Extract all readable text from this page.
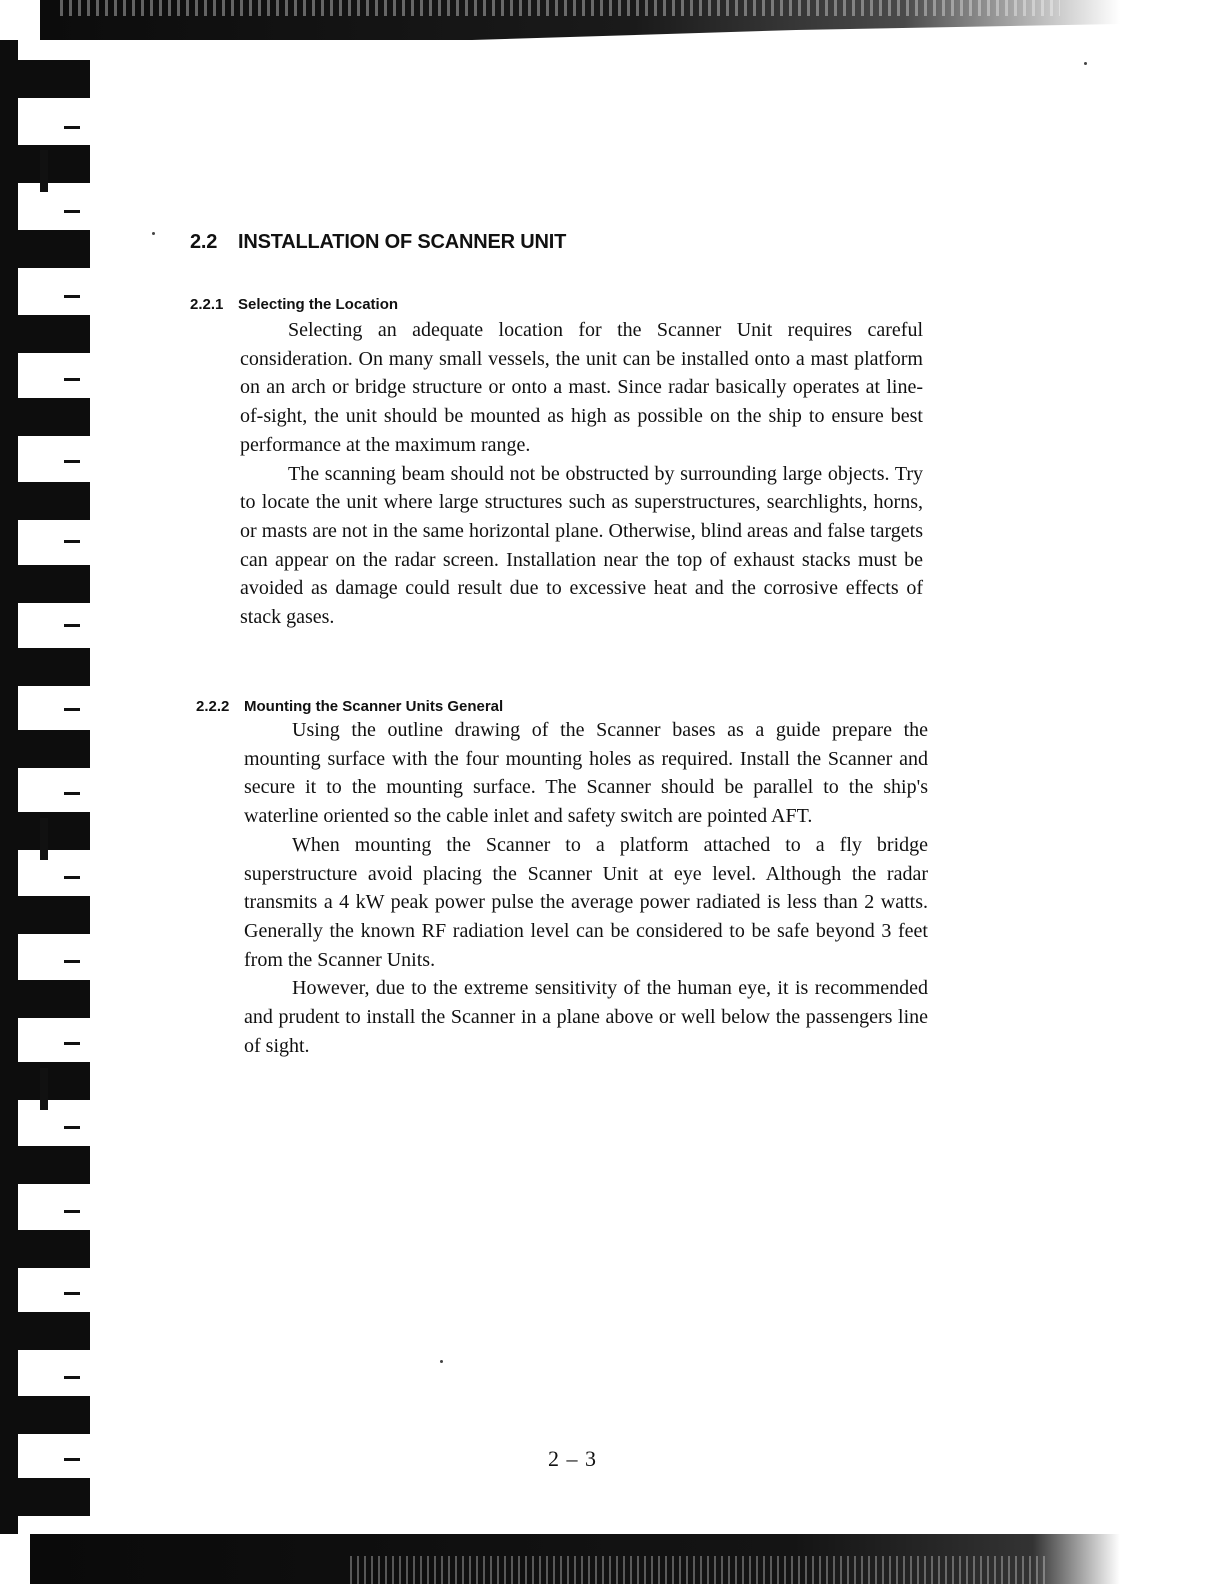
2.2 INSTALLATION OF SCANNER UNIT
2.2.1 Selecting the Location

Selecting an adequate location for the Scanner Unit requires careful consideration. On many small vessels, the unit can be installed onto a mast platform on an arch or bridge structure or onto a mast. Since radar basically operates at line-of-sight, the unit should be mounted as high as possible on the ship to ensure best performance at the maximum range.

The scanning beam should not be obstructed by surrounding large objects. Try to locate the unit where large structures such as superstructures, searchlights, horns, or masts are not in the same horizontal plane. Otherwise, blind areas and false targets can appear on the radar screen. Installation near the top of exhaust stacks must be avoided as damage could result due to excessive heat and the corrosive effects of stack gases.

2.2.2 Mounting the Scanner Units General

Using the outline drawing of the Scanner bases as a guide prepare the mounting surface with the four mounting holes as required. Install the Scanner and secure it to the mounting surface. The Scanner should be parallel to the ship's waterline oriented so the cable inlet and safety switch are pointed AFT.

When mounting the Scanner to a platform attached to a fly bridge superstructure avoid placing the Scanner Unit at eye level. Although the radar transmits a 4 kW peak power pulse the average power radiated is less than 2 watts. Generally the known RF radiation level can be considered to be safe beyond 3 feet from the Scanner Units.

However, due to the extreme sensitivity of the human eye, it is recommended and prudent to install the Scanner in a plane above or well below the passengers line of sight.

2 – 3
